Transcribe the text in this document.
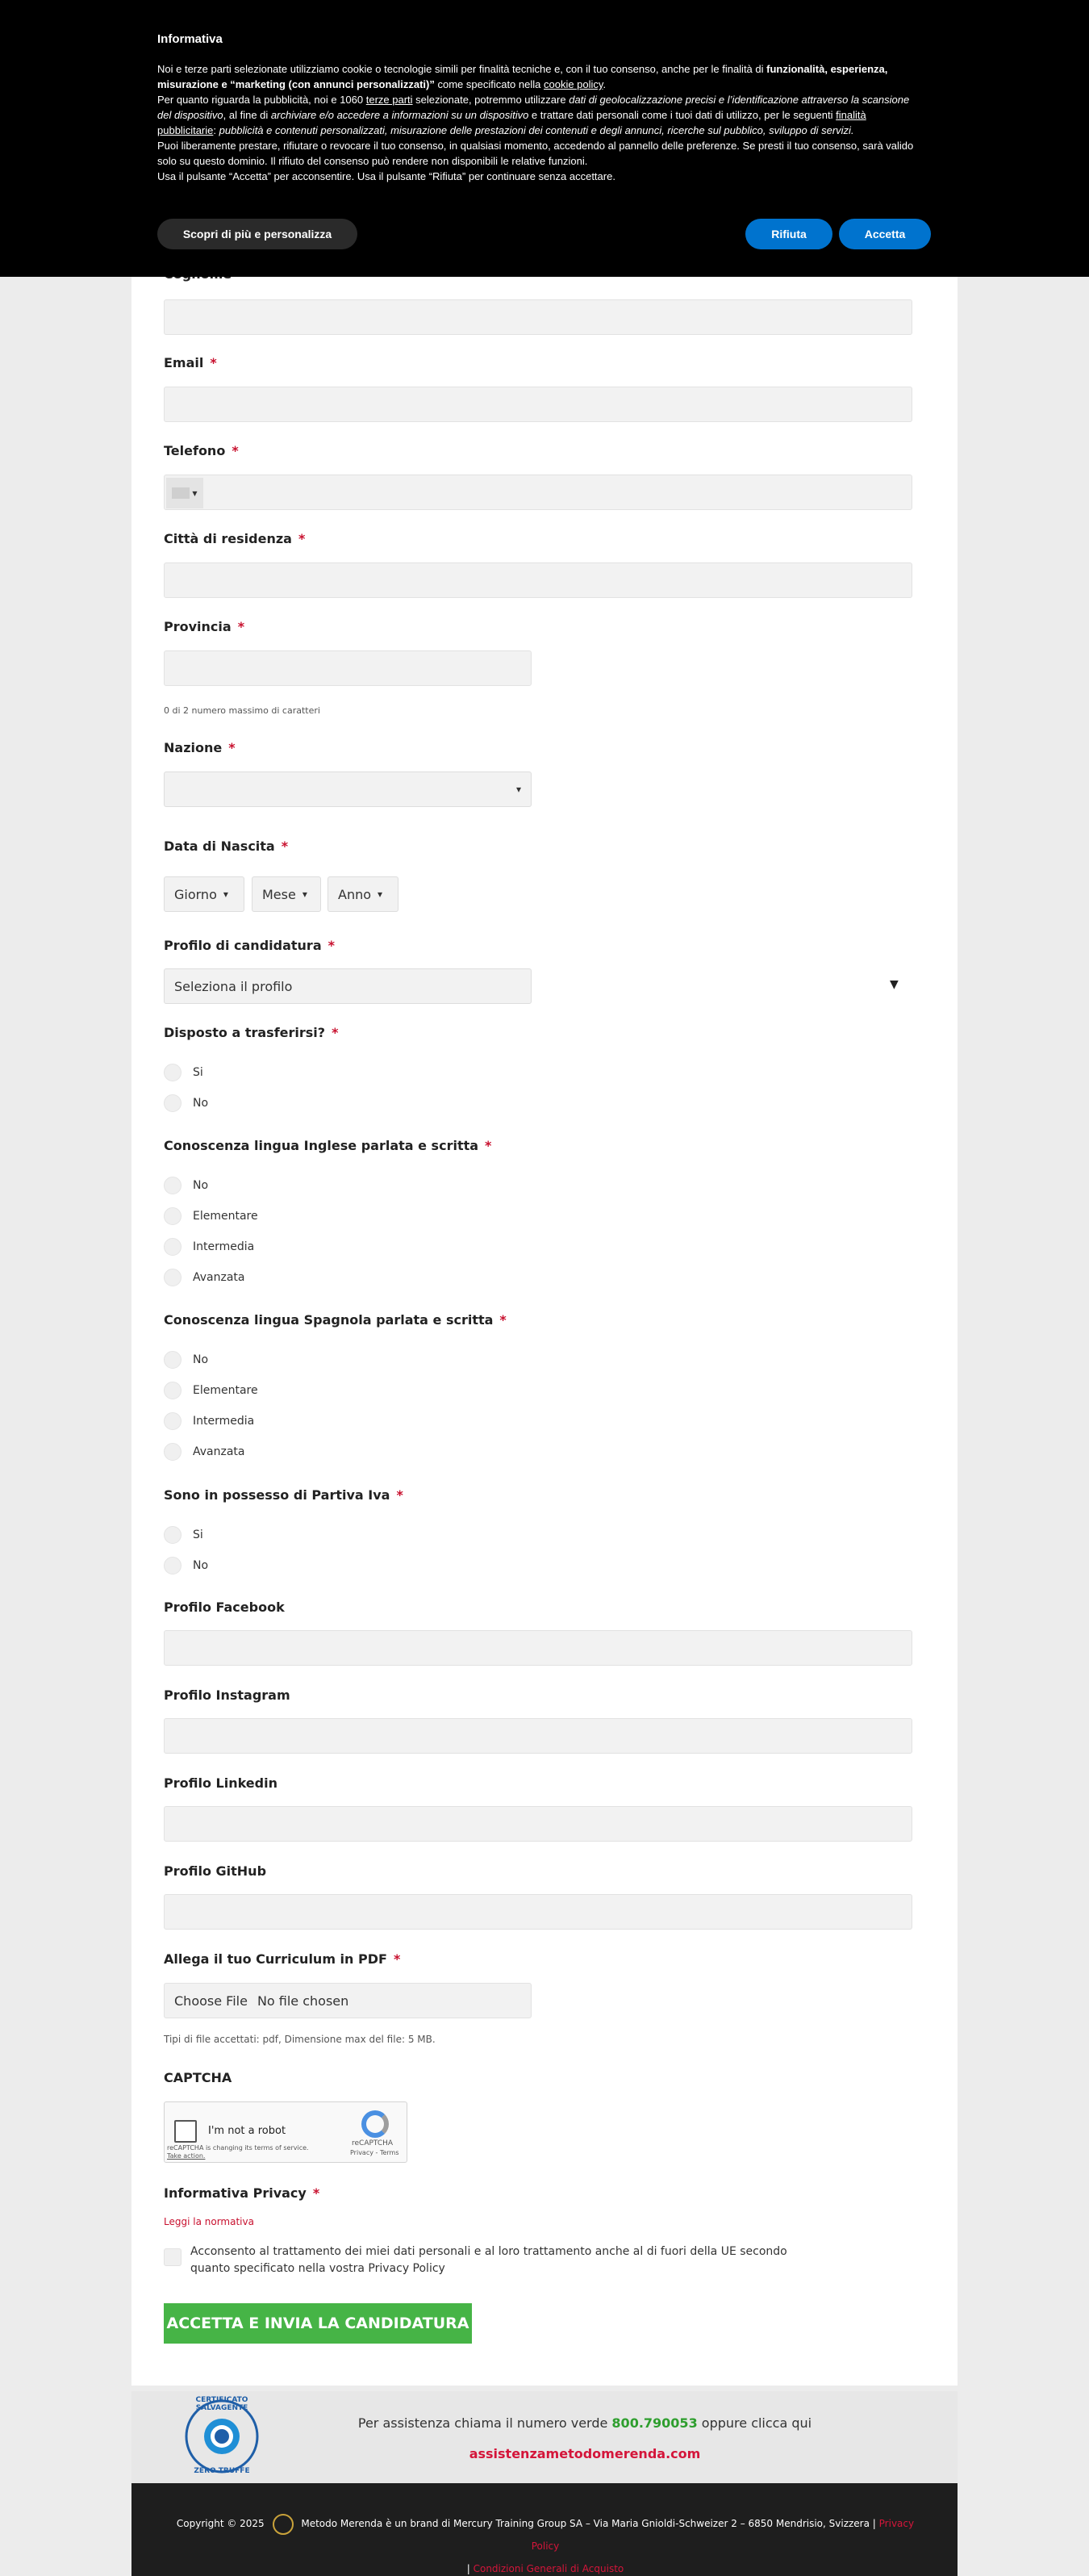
Email *
Telefono *
▼
Città di residenza *
Provincia *
0 di 2 numero massimo di caratteri
Nazione *
▾
Data di Nascita *
Giorno ▾	Mese ▾ Anno ▾
Profilo di candidatura *
Seleziona il profilo	▼
Disposto a trasferirsi? *
Si
No
Conoscenza lingua Inglese parlata e scritta *
No
Elementare
Intermedia
Avanzata
Conoscenza lingua Spagnola parlata e scritta *
No
Elementare
Intermedia
Avanzata
Sono in possesso di Partiva Iva *
Si
No
Profilo Facebook
Profilo Instagram
Profilo Linkedin
Profilo GitHub
Allega il tuo Curriculum in PDF *
Choose File No file chosen
Tipi di file accettati: pdf, Dimensione max del file: 5 MB.
CAPTCHA
I'm not a robot
reCAPTCHA is changing its terms of service.
Take action.
reCAPTCHA
Privacy - Terms
Informativa Privacy *
Leggi la normativa
Acconsento al trattamento dei miei dati personali e al loro trattamento anche al di fuori della UE secondo quanto specificato nella vostra Privacy Policy
ACCETTA E INVIA LA CANDIDATURA
CERTIFICATO SALVAGENTE
ZERO TRUFFE
Per assistenza chiama il numero verde 800.790053 oppure clicca qui
assistenzametodomerenda.com
Copyright © 2025	Metodo Merenda è un brand di Mercury Training Group SA – Via Maria Gnioldi-Schweizer 2 – 6850 Mendrisio, Svizzera | Privacy Policy
| Condizioni Generali di Acquisto
Informativa
Noi e terze parti selezionate utilizziamo cookie o tecnologie simili per finalità tecniche e, con il tuo consenso, anche per le finalità di funzionalità, esperienza, misurazione e “marketing (con annunci personalizzati)” come specificato nella cookie policy.
Per quanto riguarda la pubblicità, noi e 1060 terze parti selezionate, potremmo utilizzare dati di geolocalizzazione precisi e l’identificazione attraverso la scansione del dispositivo, al fine di archiviare e/o accedere a informazioni su un dispositivo e trattare dati personali come i tuoi dati di utilizzo, per le seguenti finalità pubblicitarie: pubblicità e contenuti personalizzati, misurazione delle prestazioni dei contenuti e degli annunci, ricerche sul pubblico, sviluppo di servizi.
Puoi liberamente prestare, rifiutare o revocare il tuo consenso, in qualsiasi momento, accedendo al pannello delle preferenze. Se presti il tuo consenso, sarà valido solo su questo dominio. Il rifiuto del consenso può rendere non disponibili le relative funzioni.
Usa il pulsante “Accetta” per acconsentire. Usa il pulsante “Rifiuta” per continuare senza accettare.
Scopri di più e personalizza	Rifiuta	Accetta
